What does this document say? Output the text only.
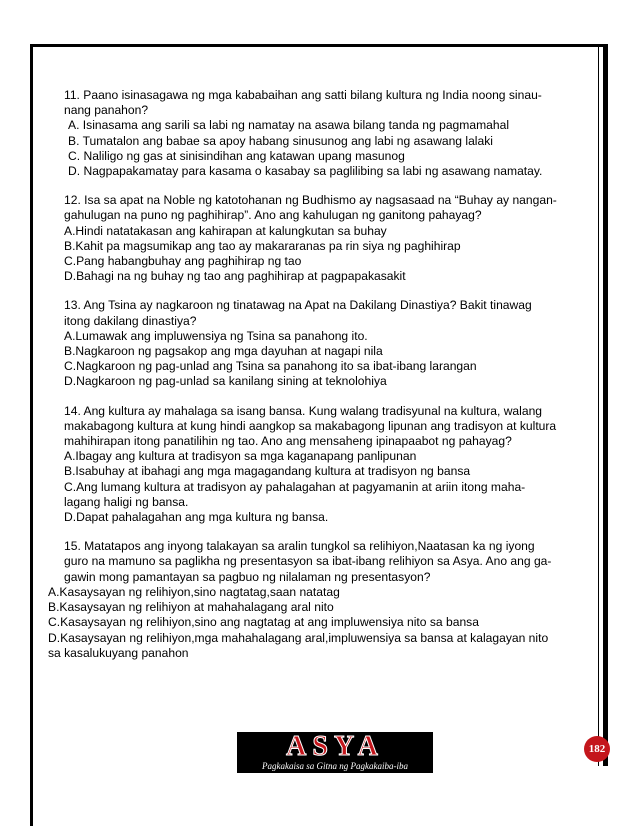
11. Paano isinasagawa ng mga kababaihan ang satti bilang kultura ng India noong sinau-
nang panahon?
A. Isinasama ang sarili sa labi ng namatay na asawa bilang tanda ng pagmamahal
B. Tumatalon ang babae sa apoy habang sinusunog ang labi ng asawang lalaki
C. Naliligo ng gas at sinisindihan ang katawan upang masunog
D. Nagpapakamatay para kasama o kasabay sa paglilibing sa labi ng asawang namatay.
12. Isa sa apat na Noble ng katotohanan ng Budhismo ay nagsasaad na “Buhay ay nangan-
gahulugan na puno ng paghihirap”. Ano ang kahulugan ng ganitong pahayag?
A.Hindi natatakasan ang kahirapan at kalungkutan sa buhay
B.Kahit pa magsumikap ang tao ay makararanas pa rin siya ng paghihirap
C.Pang habangbuhay ang paghihirap ng tao
D.Bahagi na ng buhay ng tao ang paghihirap at pagpapakasakit
13. Ang Tsina ay nagkaroon ng tinatawag na Apat na Dakilang Dinastiya? Bakit tinawag
itong dakilang dinastiya?
A.Lumawak ang impluwensiya ng Tsina sa panahong ito.
B.Nagkaroon ng pagsakop ang mga dayuhan at nagapi nila
C.Nagkaroon ng pag-unlad ang Tsina sa panahong ito sa ibat-ibang larangan
D.Nagkaroon ng pag-unlad sa kanilang sining at teknolohiya
14. Ang kultura ay mahalaga sa isang bansa. Kung walang tradisyunal na kultura, walang
makabagong kultura at kung hindi aangkop sa makabagong lipunan ang tradisyon at kultura
mahihirapan itong panatilihin ng tao. Ano ang mensaheng ipinapaabot ng pahayag?
A.Ibagay ang kultura at tradisyon sa mga kaganapang panlipunan
B.Isabuhay at ibahagi ang mga magagandang kultura at tradisyon ng bansa
C.Ang lumang kultura at tradisyon ay pahalagahan at pagyamanin at ariin itong maha-
lagang haligi ng bansa.
D.Dapat pahalagahan ang mga kultura ng bansa.
15. Matatapos ang inyong talakayan sa aralin tungkol sa relihiyon,Naatasan ka ng iyong
guro na mamuno sa paglikha ng presentasyon sa ibat-ibang relihiyon sa Asya. Ano ang ga-
gawin mong pamantayan sa pagbuo ng nilalaman ng presentasyon?
A.Kasaysayan ng relihiyon,sino nagtatag,saan natatag
B.Kasaysayan ng relihiyon at mahahalagang aral nito
C.Kasaysayan ng relihiyon,sino ang nagtatag at ang impluwensiya nito sa bansa
D.Kasaysayan ng relihiyon,mga mahahalagang aral,impluwensiya sa bansa at kalagayan nito
sa kasalukuyang panahon
ASYA
Pagkakaisa sa Gitna ng Pagkakaiba-iba
182
